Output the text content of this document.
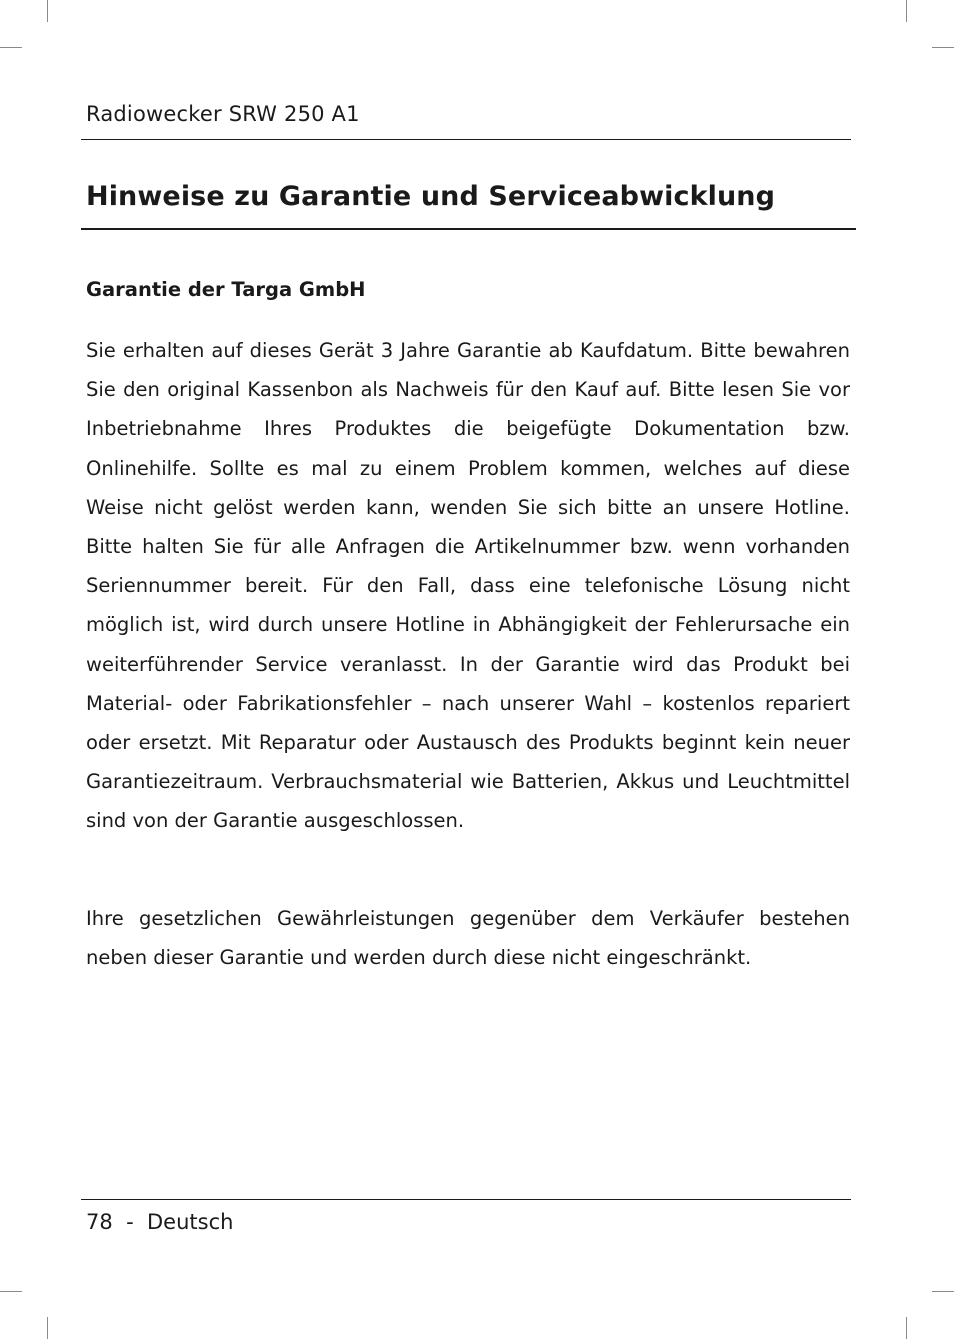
Radiowecker SRW 250 A1
Hinweise zu Garantie und Serviceabwicklung
Garantie der Targa GmbH

Sie erhalten auf dieses Gerät 3 Jahre Garantie ab Kaufdatum. Bitte bewahren Sie den original Kassenbon als Nachweis für den Kauf auf. Bitte lesen Sie vor Inbetriebnahme Ihres Produktes die beigefügte Dokumentation bzw. Onlinehilfe. Sollte es mal zu einem Problem kommen, welches auf diese Weise nicht gelöst werden kann, wenden Sie sich bitte an unsere Hotline. Bitte halten Sie für alle Anfragen die Artikelnummer bzw. wenn vorhanden Seriennummer bereit. Für den Fall, dass eine telefonische Lösung nicht möglich ist, wird durch unsere Hotline in Abhängigkeit der Fehlerursache ein weiterführender Service veranlasst. In der Garantie wird das Produkt bei Material- oder Fabrikationsfehler – nach unserer Wahl – kostenlos repariert oder ersetzt. Mit Reparatur oder Austausch des Produkts beginnt kein neuer Garantiezeitraum. Verbrauchsmaterial wie Batterien, Akkus und Leuchtmittel sind von der Garantie ausgeschlossen.

Ihre gesetzlichen Gewährleistungen gegenüber dem Verkäufer bestehen neben dieser Garantie und werden durch diese nicht eingeschränkt.

78  -  Deutsch
